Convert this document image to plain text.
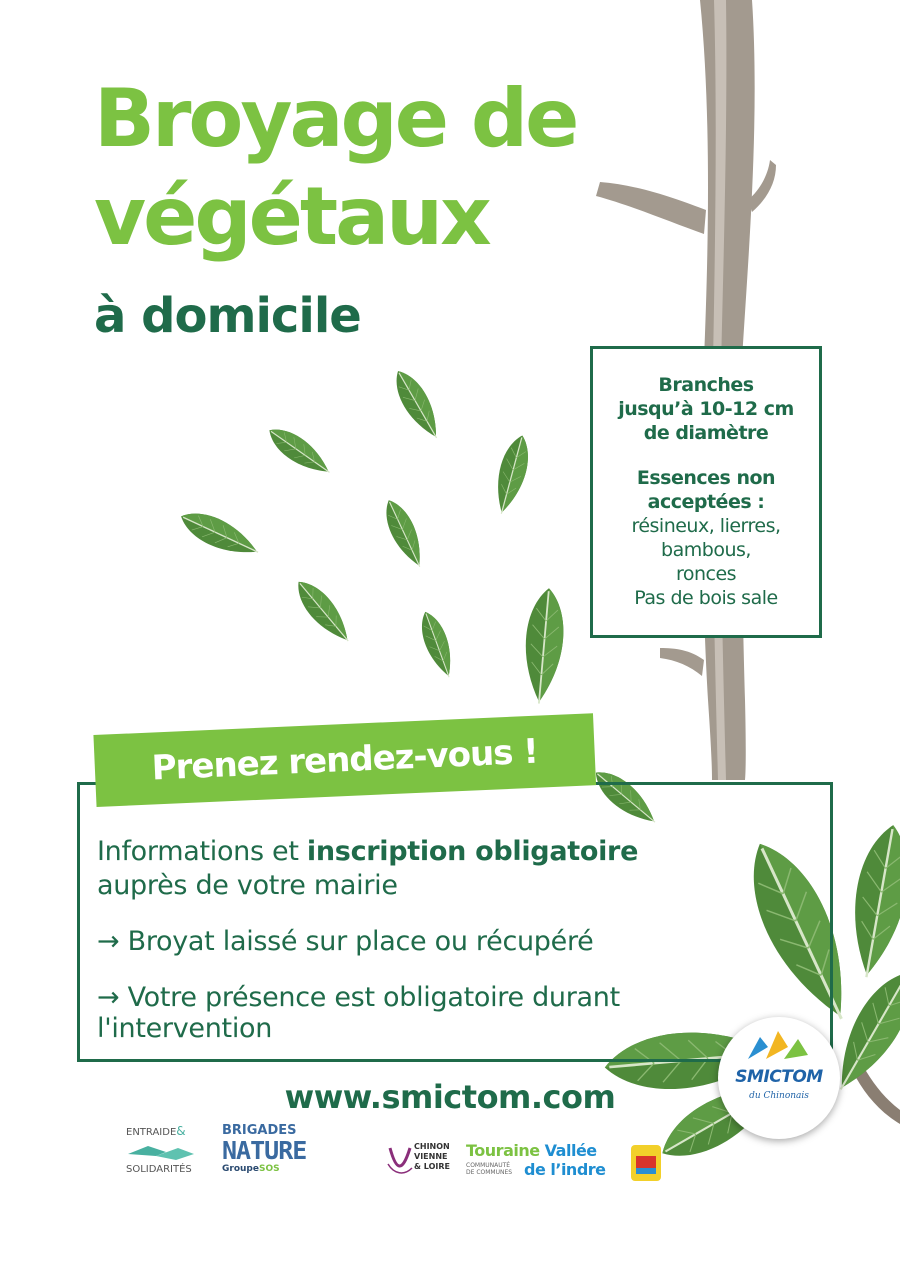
Broyage de
végétaux
à domicile
Branches
jusqu’à 10-12 cm
de diamètre
Essences non
acceptées :
résineux, lierres,
bambous,
ronces
Pas de bois sale
Prenez rendez-vous !
Informations et inscription obligatoire
auprès de votre mairie
→ Broyat laissé sur place ou récupéré
→ Votre présence est obligatoire durant
l'intervention
www.smictom.com
ENTRAIDE&
SOLIDARITÉS
BRIGADES
NATURE
GroupeSOS
CHINON
VIENNE
& LOIRE
Touraine Vallée
COMMUNAUTÉ
DE COMMUNES de l’indre
SMICTOM
du Chinonais
